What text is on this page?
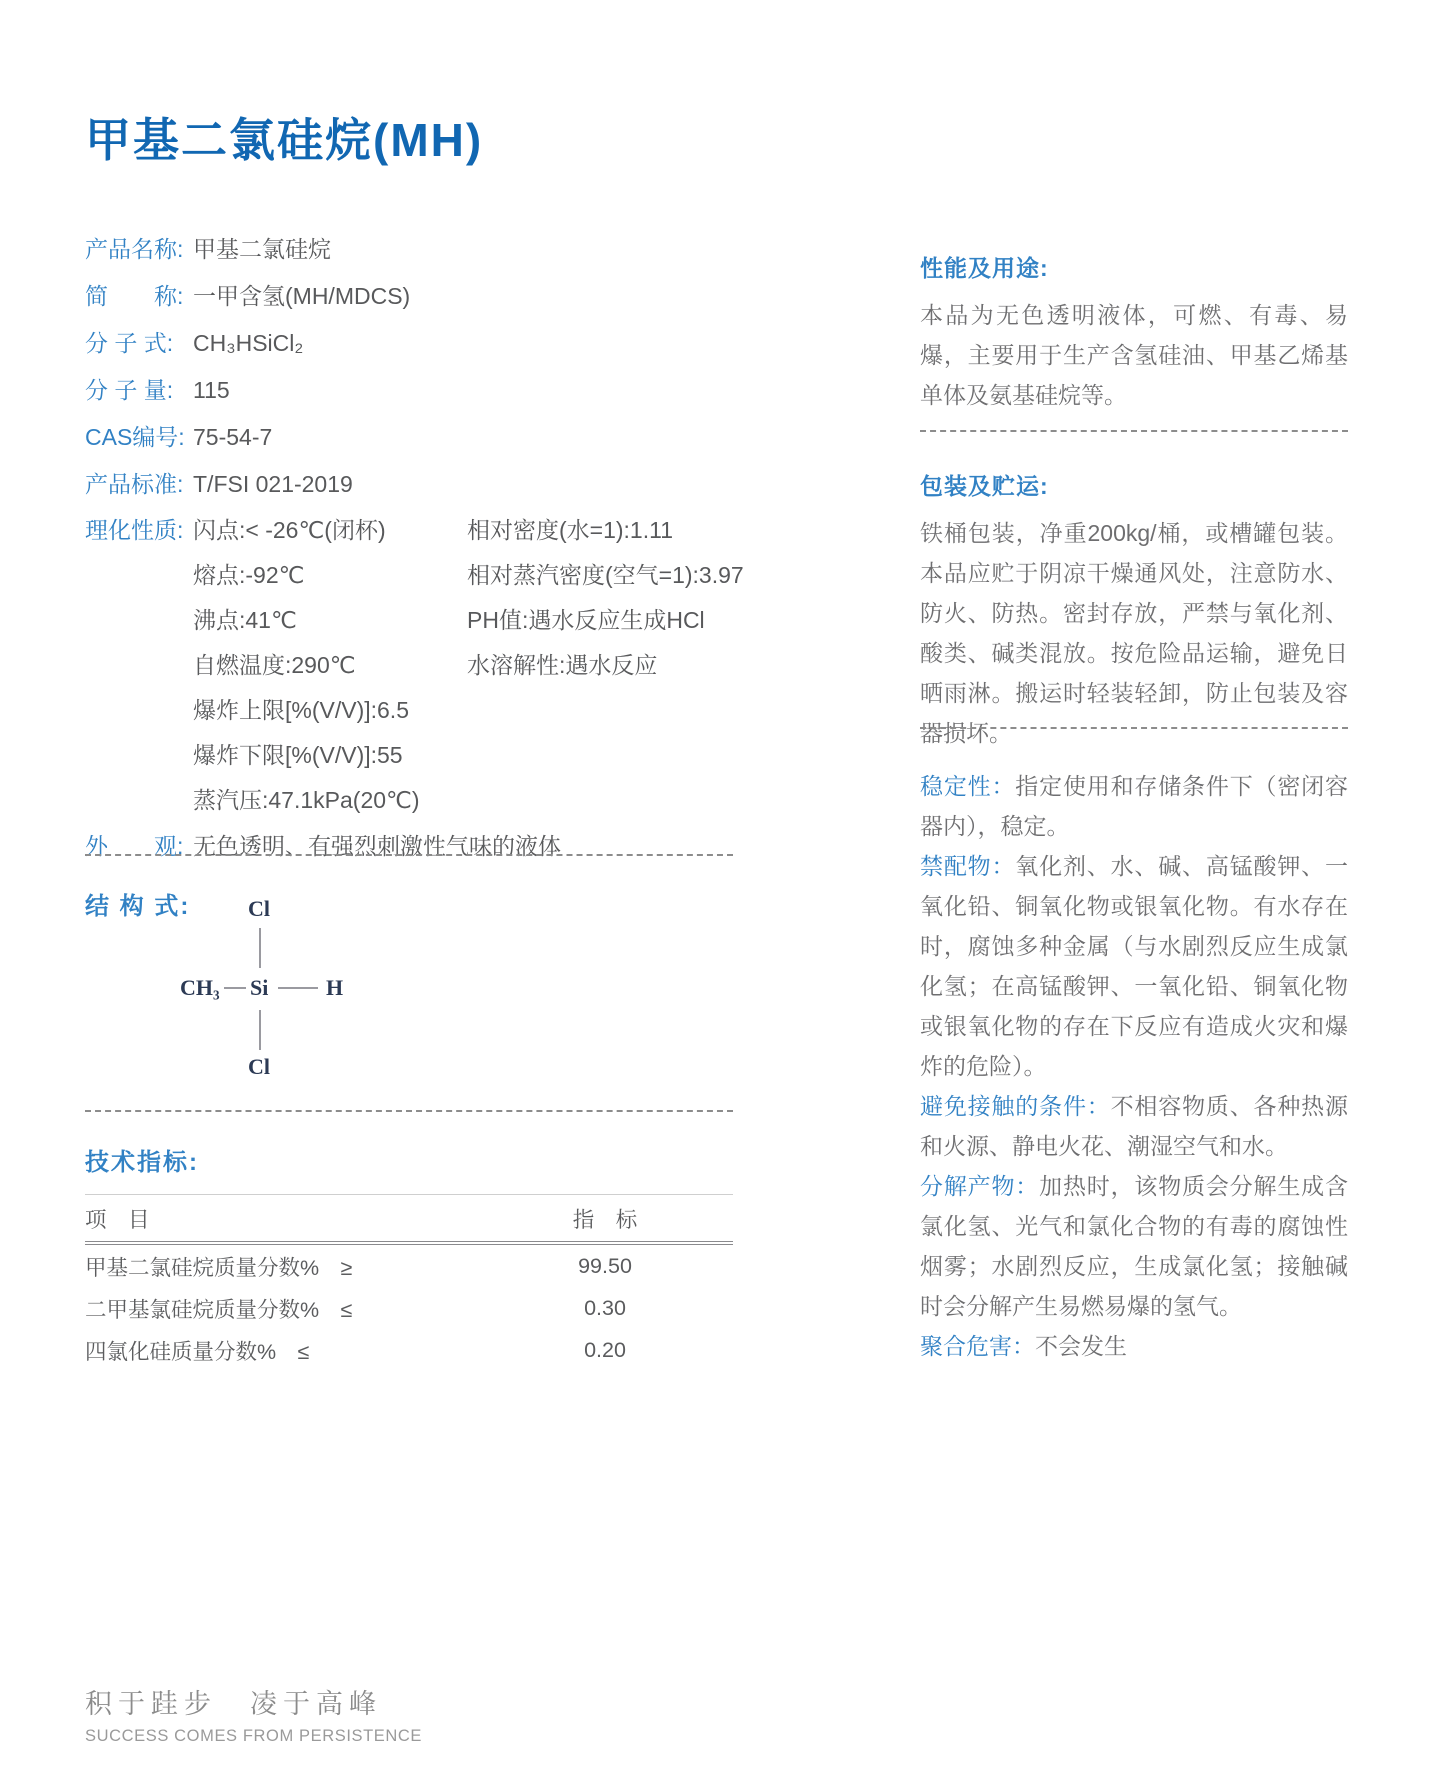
甲基二氯硅烷(MH)
产品名称: 甲基二氯硅烷
简　　称: 一甲含氢(MH/MDCS)
分 子 式: CH₃HSiCl₂
分 子 量: 115
CAS编号: 75-54-7
产品标准: T/FSI 021-2019
理化性质: 闪点:< -26℃(闭杯)	相对密度(水=1):1.11
熔点:-92℃	相对蒸汽密度(空气=1):3.97
沸点:41℃	PH值:遇水反应生成HCl
自燃温度:290℃	水溶解性:遇水反应
爆炸上限[%(V/V)]:6.5
爆炸下限[%(V/V)]:55
蒸汽压:47.1kPa(20℃)
外　　观: 无色透明、有强烈刺激性气味的液体
结 构 式:	Cl
CH₃ Si	H
Cl
技术指标:
项　目	指　标
甲基二氯硅烷质量分数%　≥	99.50
二甲基氯硅烷质量分数%　≤	0.30
四氯化硅质量分数%　≤	0.20
性能及用途:
本品为无色透明液体，可燃、有毒、易爆，主要用于生产含氢硅油、甲基乙烯基单体及氨基硅烷等。
包装及贮运:
铁桶包装，净重200kg/桶，或槽罐包装。本品应贮于阴凉干燥通风处，注意防水、防火、防热。密封存放，严禁与氧化剂、酸类、碱类混放。按危险品运输，避免日晒雨淋。搬运时轻装轻卸，防止包装及容器损坏。

稳定性：指定使用和存储条件下（密闭容器内），稳定。

禁配物：氧化剂、水、碱、高锰酸钾、一氧化铅、铜氧化物或银氧化物。有水存在时，腐蚀多种金属（与水剧烈反应生成氯化氢；在高锰酸钾、一氧化铅、铜氧化物或银氧化物的存在下反应有造成火灾和爆炸的危险）。

避免接触的条件：不相容物质、各种热源和火源、静电火花、潮湿空气和水。

分解产物：加热时，该物质会分解生成含氯化氢、光气和氯化合物的有毒的腐蚀性烟雾；水剧烈反应，生成氯化氢；接触碱时会分解产生易燃易爆的氢气。

聚合危害：不会发生

积于跬步　凌于高峰
SUCCESS COMES FROM PERSISTENCE
